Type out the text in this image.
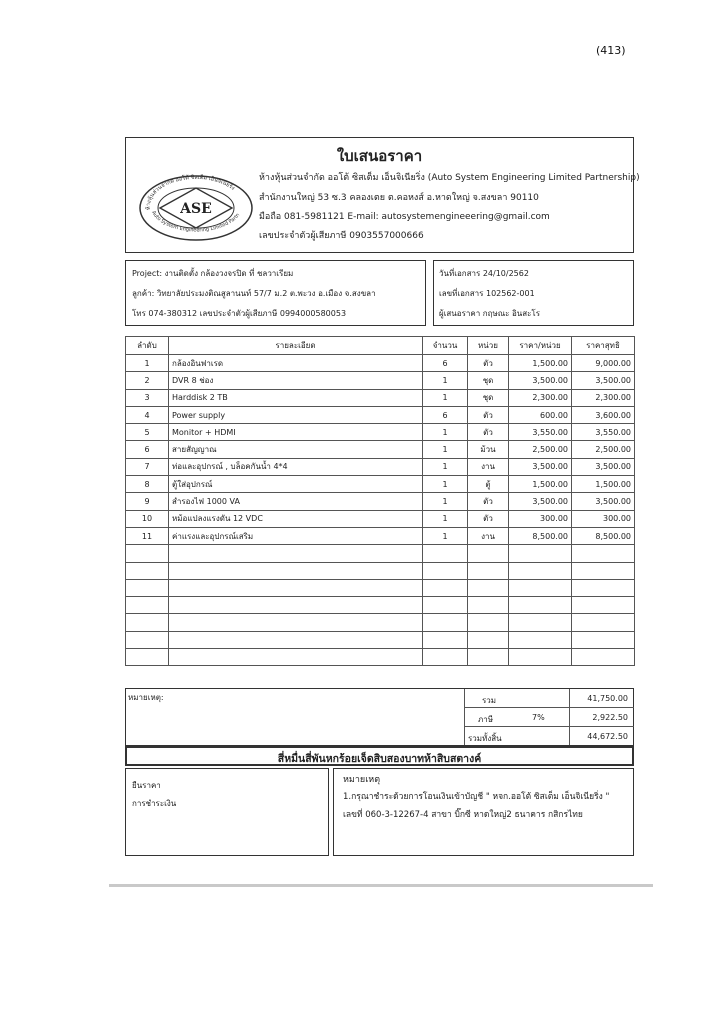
(413)
ใบเสนอราคา
ห้างหุ้นส่วนจำกัด ออโต้ ซิสเต็ม เอ็นจิเนียริ่ง
Auto System Engineering Limited Partn
ASE
ห้างหุ้นส่วนจำกัด ออโต้ ซิสเต็ม เอ็นจิเนียริ่ง (Auto System Engineering Limited Partnership)
สำนักงานใหญ่ 53 ซ.3 คลองเตย ต.คอหงส์ อ.หาดใหญ่ จ.สงขลา 90110
มือถือ 081-5981121 E-mail: autosystemengineeering@gmail.com
เลขประจำตัวผู้เสียภาษี 0903557000666
Project: งานติดตั้ง กล้องวงจรปิด ที่ ชลวาเรียม
ลูกค้า: วิทยาลัยประมงติณสูลานนท์ 57/7 ม.2 ต.พะวง อ.เมือง จ.สงขลา
โทร 074-380312 เลขประจำตัวผู้เสียภาษี 0994000580053
วันที่เอกสาร 24/10/2562
เลขที่เอกสาร 102562-001
ผู้เสนอราคา กฤษณะ อินสะโร
ลำดับ	รายละเอียด	จำนวน	หน่วย	ราคา/หน่วย	ราคาสุทธิ
1	กล้องอินฟาเรด	6	ตัว	1,500.00	9,000.00
2	DVR 8 ช่อง	1	ชุด	3,500.00	3,500.00
3	Harddisk 2 TB	1	ชุด	2,300.00	2,300.00
4	Power supply	6	ตัว	600.00	3,600.00
5	Monitor + HDMI	1	ตัว	3,550.00	3,550.00
6	สายสัญญาณ	1	ม้วน	2,500.00	2,500.00
7	ท่อและอุปกรณ์ , บล็อคกันน้ำ 4*4	1	งาน	3,500.00	3,500.00
8	ตู้ใส่อุปกรณ์	1	ตู้	1,500.00	1,500.00
9	สำรองไฟ 1000 VA	1	ตัว	3,500.00	3,500.00
10	หม้อแปลงแรงดัน 12 VDC	1	ตัว	300.00	300.00
11	ค่าแรงและอุปกรณ์เสริม	1	งาน	8,500.00	8,500.00

หมายเหตุ:	รวม	41,750.00
ภาษี	7%	2,922.50
รวมทั้งสิ้น	44,672.50
สี่หมื่นสี่พันหกร้อยเจ็ดสิบสองบาทห้าสิบสตางค์
ยืนราคา
การชำระเงิน
หมายเหตุ
1.กรุณาชำระด้วยการโอนเงินเข้าบัญชี " หจก.ออโต้ ซิสเต็ม เอ็นจิเนียริ่ง "
เลขที่ 060-3-12267-4 สาขา บิ๊กซี หาดใหญ่2 ธนาคาร กสิกรไทย
